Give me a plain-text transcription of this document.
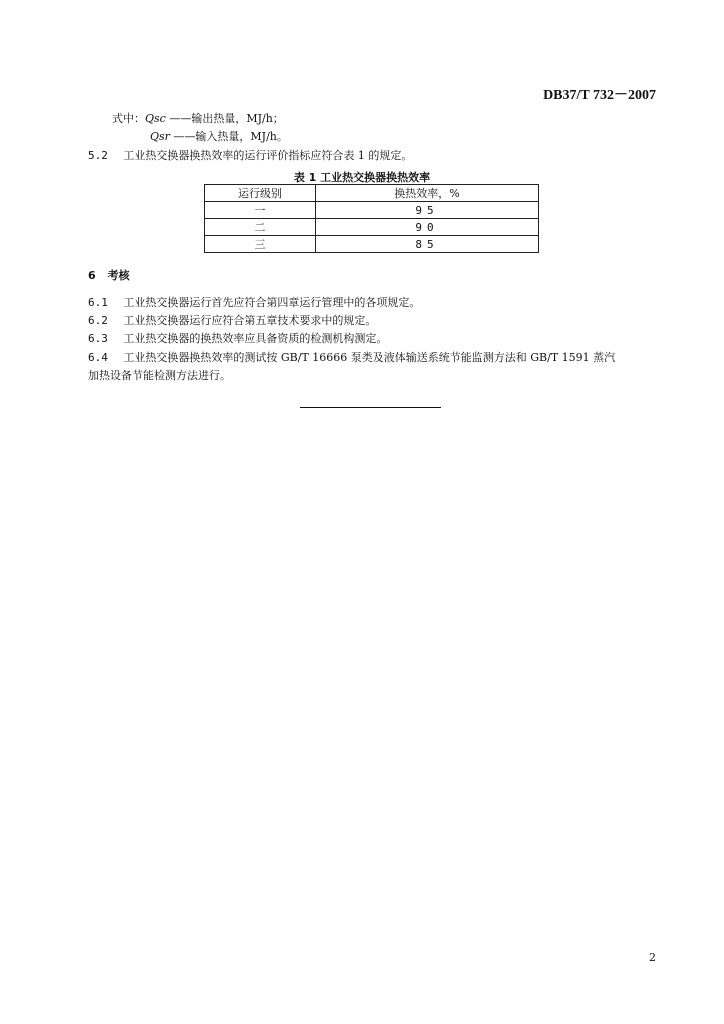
DB37/T 732－2007
式中：Qsc ——输出热量，MJ/h；
Qsr ——输入热量，MJ/h。
5.2 工业热交换器换热效率的运行评价指标应符合表 1 的规定。
表 1 工业热交换器换热效率
运行级别	换热效率，%
一	95
二	90
三	85
6 考核
6.1 工业热交换器运行首先应符合第四章运行管理中的各项规定。
6.2 工业热交换器运行应符合第五章技术要求中的规定。
6.3 工业热交换器的换热效率应具备资质的检测机构测定。
6.4 工业热交换器换热效率的测试按 GB/T 16666 泵类及液体输送系统节能监测方法和 GB/T 1591 蒸汽
加热设备节能检测方法进行。
2
